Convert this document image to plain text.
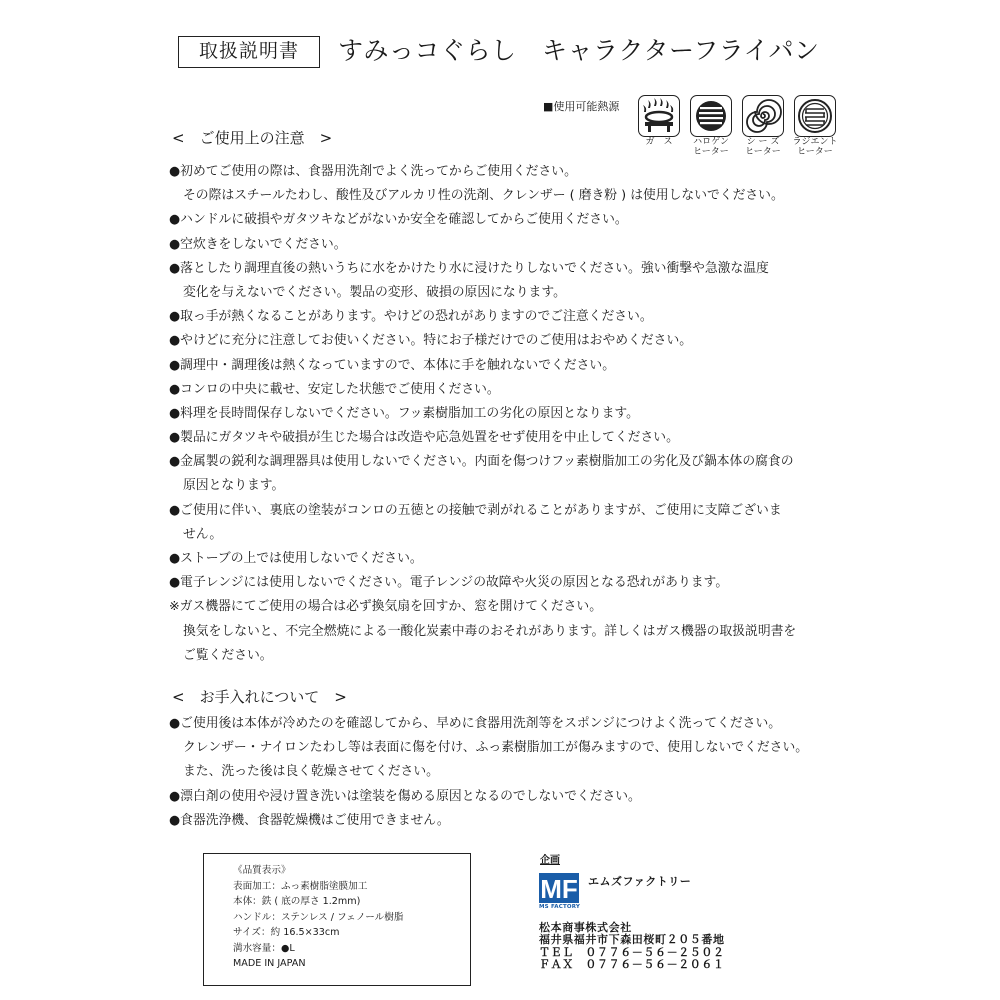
取扱説明書	すみっコぐらし　キャラクターフライパン
■使用可能熱源
ガ　ス	ハロゲン
ヒーター
シ ー ズ
ヒーター
ラジエント
ヒーター
<　ご使用上の注意　>
●初めてご使用の際は、食器用洗剤でよく洗ってからご使用ください。
その際はスチールたわし、酸性及びアルカリ性の洗剤、クレンザー ( 磨き粉 ) は使用しないでください。
●ハンドルに破損やガタツキなどがないか安全を確認してからご使用ください。
●空炊きをしないでください。
●落としたり調理直後の熱いうちに水をかけたり水に浸けたりしないでください。強い衝撃や急激な温度
変化を与えないでください。製品の変形、破損の原因になります。
●取っ手が熱くなることがあります。やけどの恐れがありますのでご注意ください。
●やけどに充分に注意してお使いください。特にお子様だけでのご使用はおやめください。
●調理中・調理後は熱くなっていますので、本体に手を触れないでください。
●コンロの中央に載せ、安定した状態でご使用ください。
●料理を長時間保存しないでください。フッ素樹脂加工の劣化の原因となります。
●製品にガタツキや破損が生じた場合は改造や応急処置をせず使用を中止してください。
●金属製の鋭利な調理器具は使用しないでください。内面を傷つけフッ素樹脂加工の劣化及び鍋本体の腐食の
原因となります。
●ご使用に伴い、裏底の塗装がコンロの五徳との接触で剥がれることがありますが、ご使用に支障ございま
せん。
●ストーブの上では使用しないでください。
●電子レンジには使用しないでください。電子レンジの故障や火災の原因となる恐れがあります。
※ガス機器にてご使用の場合は必ず換気扇を回すか、窓を開けてください。
換気をしないと、不完全燃焼による一酸化炭素中毒のおそれがあります。詳しくはガス機器の取扱説明書を
ご覧ください。
<　お手入れについて　>
●ご使用後は本体が冷めたのを確認してから、早めに食器用洗剤等をスポンジにつけよく洗ってください。
クレンザー・ナイロンたわし等は表面に傷を付け、ふっ素樹脂加工が傷みますので、使用しないでください。
また、洗った後は良く乾燥させてください。
●漂白剤の使用や浸け置き洗いは塗装を傷める原因となるのでしないでください。
●食器洗浄機、食器乾燥機はご使用できません。
《品質表示》
表面加工：ふっ素樹脂塗膜加工
本体：鉄 ( 底の厚さ 1.2mm)
ハンドル：ステンレス / フェノール樹脂
サイズ：約 16.5×33cm
満水容量：●L
MADE IN JAPAN
企画
MF
MS FACTORY
エムズファクトリー
松本商事株式会社
福井県福井市下森田桜町２０５番地
ＴＥＬ　０７７６－５６－２５０２
ＦＡＸ　０７７６－５６－２０６１
